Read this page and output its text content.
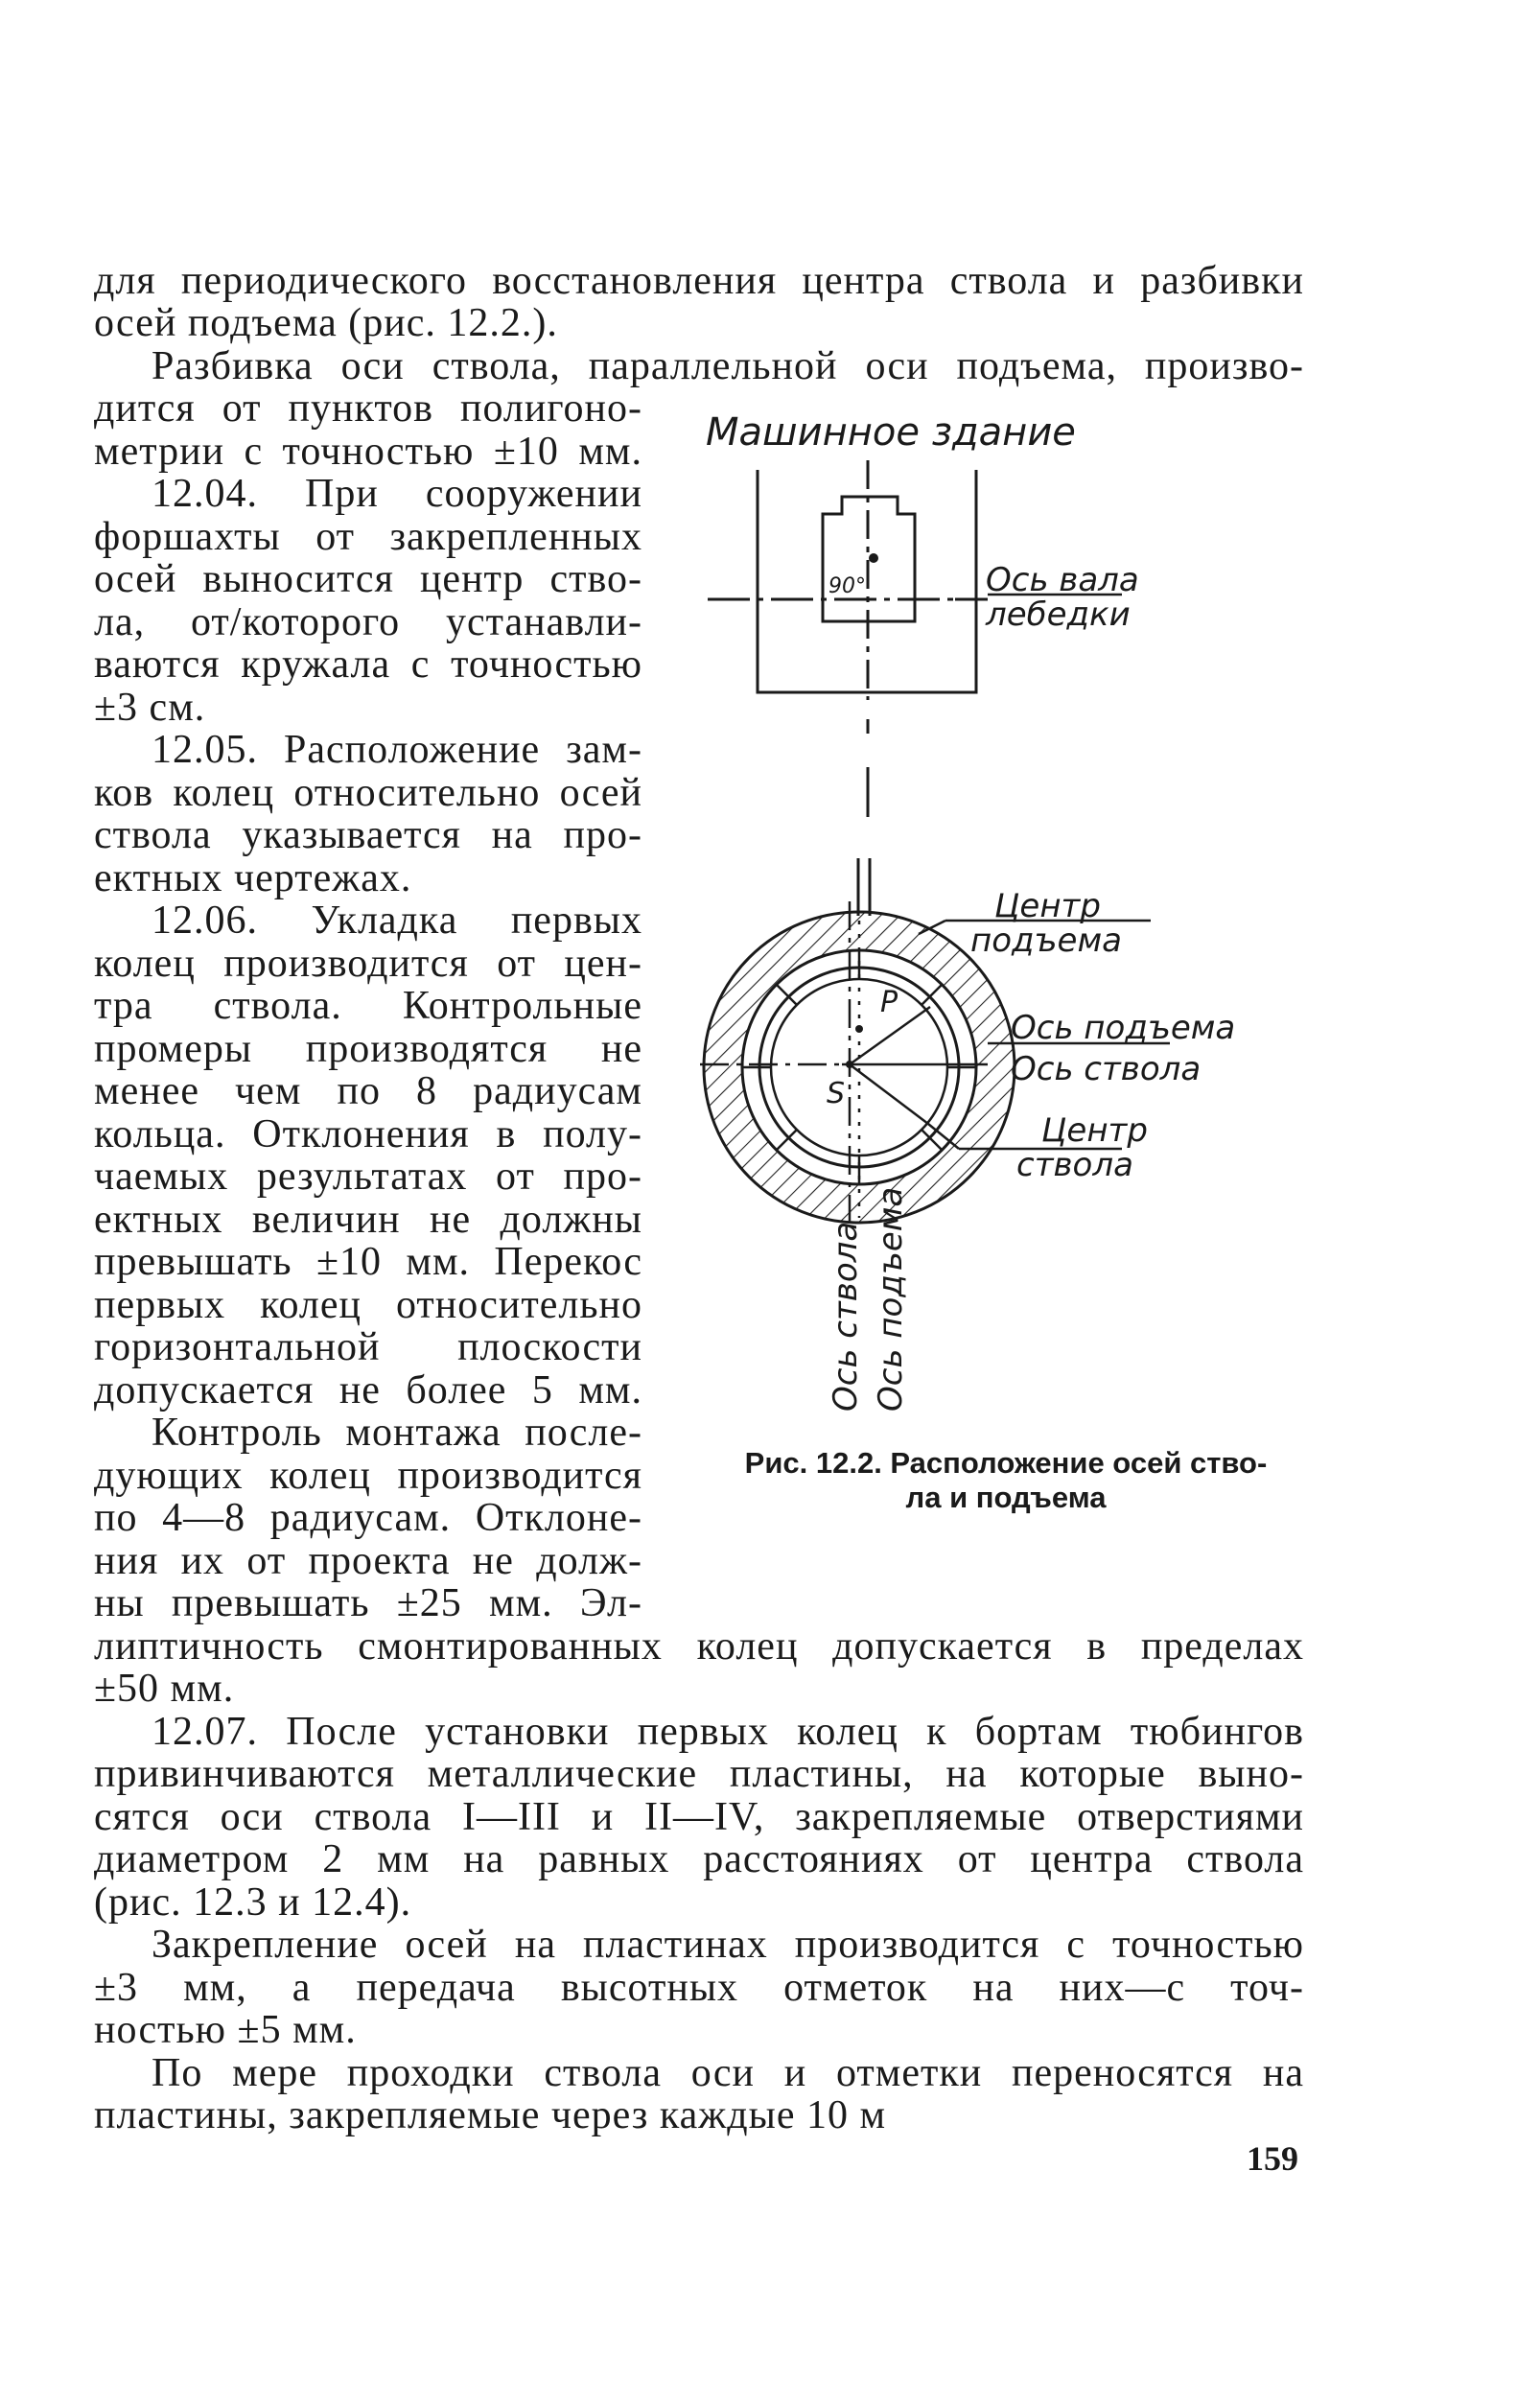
для периодического восстановления центра ствола и разбивки
осей подъема (рис. 12.2.).
Разбивка оси ствола, параллельной оси подъема, произво-
дится от пунктов полигоно-
метрии с точностью ±10 мм.
12.04. При сооружении
форшахты от закрепленных
осей выносится центр ство-
ла, от/которого устанавли-
ваются кружала с точностью
±3 см.
12.05. Расположение зам-
ков колец относительно осей
ствола указывается на про-
ектных чертежах.
12.06. Укладка первых
колец производится от цен-
тра ствола. Контрольные
промеры производятся не
менее чем по 8 радиусам
кольца. Отклонения в полу-
чаемых результатах от про-
ектных величин не должны
превышать ±10 мм. Перекос
первых колец относительно
горизонтальной плоскости
допускается не более 5 мм.
Контроль монтажа после-
дующих колец производится
по 4—8 радиусам. Отклоне-
ния их от проекта не долж-
ны превышать ±25 мм. Эл-
липтичность смонтированных колец допускается в пределах
±50 мм.
12.07. После установки первых колец к бортам тюбингов
привинчиваются металлические пластины, на которые выно-
сятся оси ствола I—III и II—IV, закрепляемые отверстиями
диаметром 2 мм на равных расстояниях от центра ствола
(рис. 12.3 и 12.4).
Закрепление осей на пластинах производится с точностью
±3 мм, а передача высотных отметок на них—с точ-
ностью ±5 мм.
По мере проходки ствола оси и отметки переносятся на
пластины, закрепляемые через каждые 10 м
Машинное здание
90°	Ось вала
лебедки
P
S
Центр
подъема
Ось подъема
Ось ствола
Центр
ствола
Ось ствола Ось подъема
Рис. 12.2. Расположение осей ство-
ла и подъема
159
